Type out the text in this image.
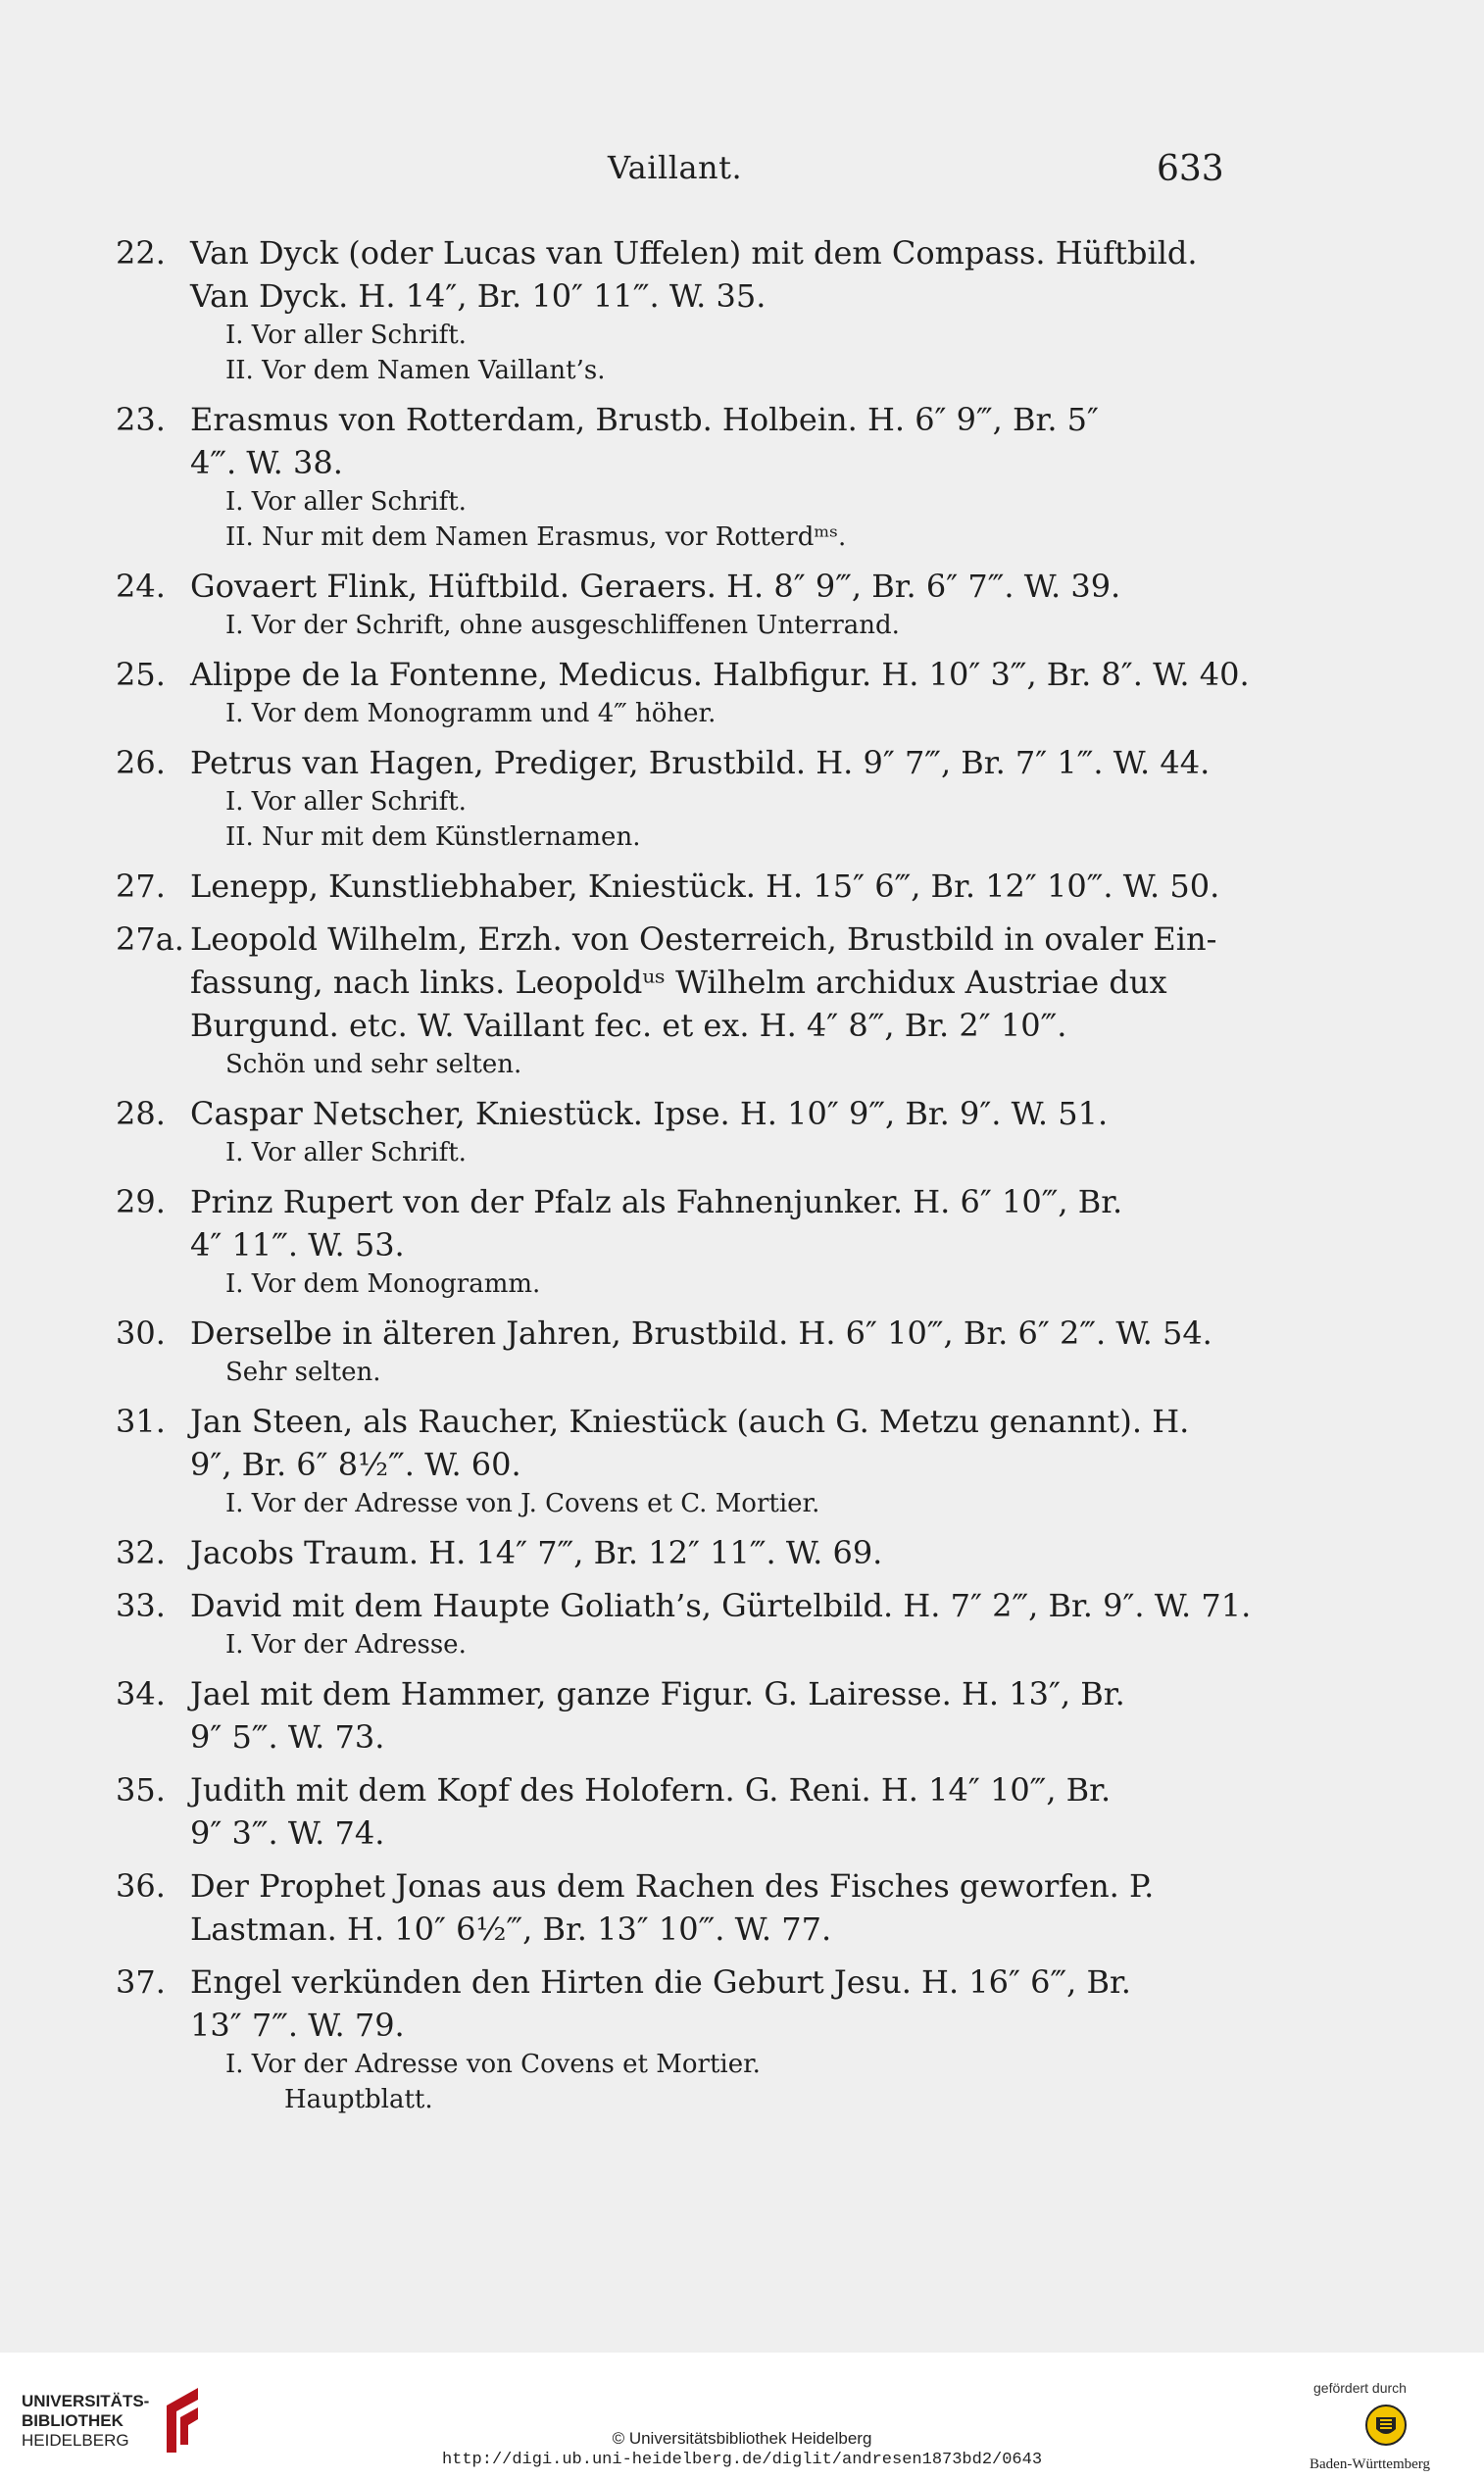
Vaillant.	633
22. Van Dyck (oder Lucas van Uffelen) mit dem Compass. Hüftbild.
Van Dyck. H. 14″, Br. 10″ 11‴. W. 35.
I. Vor aller Schrift.
II. Vor dem Namen Vaillant’s.
23. Erasmus von Rotterdam, Brustb. Holbein. H. 6″ 9‴, Br. 5″
4‴. W. 38.
I. Vor aller Schrift.
II. Nur mit dem Namen Erasmus, vor Rotterdᵐˢ.
24. Govaert Flink, Hüftbild. Geraers. H. 8″ 9‴, Br. 6″ 7‴. W. 39.
I. Vor der Schrift, ohne ausgeschliffenen Unterrand.
25. Alippe de la Fontenne, Medicus. Halbfigur. H. 10″ 3‴, Br. 8″. W. 40.
I. Vor dem Monogramm und 4‴ höher.
26. Petrus van Hagen, Prediger, Brustbild. H. 9″ 7‴, Br. 7″ 1‴. W. 44.
I. Vor aller Schrift.
II. Nur mit dem Künstlernamen.
27. Lenepp, Kunstliebhaber, Kniestück. H. 15″ 6‴, Br. 12″ 10‴. W. 50.
27a. Leopold Wilhelm, Erzh. von Oesterreich, Brustbild in ovaler Ein-
fassung, nach links. Leopoldᵘˢ Wilhelm archidux Austriae dux
Burgund. etc. W. Vaillant fec. et ex. H. 4″ 8‴, Br. 2″ 10‴.
Schön und sehr selten.
28. Caspar Netscher, Kniestück. Ipse. H. 10″ 9‴, Br. 9″. W. 51.
I. Vor aller Schrift.
29. Prinz Rupert von der Pfalz als Fahnenjunker. H. 6″ 10‴, Br.
4″ 11‴. W. 53.
I. Vor dem Monogramm.
30. Derselbe in älteren Jahren, Brustbild. H. 6″ 10‴, Br. 6″ 2‴. W. 54.
Sehr selten.
31. Jan Steen, als Raucher, Kniestück (auch G. Metzu genannt). H.
9″, Br. 6″ 8½‴. W. 60.
I. Vor der Adresse von J. Covens et C. Mortier.
32. Jacobs Traum. H. 14″ 7‴, Br. 12″ 11‴. W. 69.
33. David mit dem Haupte Goliath’s, Gürtelbild. H. 7″ 2‴, Br. 9″. W. 71.
I. Vor der Adresse.
34. Jael mit dem Hammer, ganze Figur. G. Lairesse. H. 13″, Br.
9″ 5‴. W. 73.
35. Judith mit dem Kopf des Holofern. G. Reni. H. 14″ 10‴, Br.
9″ 3‴. W. 74.
36. Der Prophet Jonas aus dem Rachen des Fisches geworfen. P.
Lastman. H. 10″ 6½‴, Br. 13″ 10‴. W. 77.
37. Engel verkünden den Hirten die Geburt Jesu. H. 16″ 6‴, Br.
13″ 7‴. W. 79.
I. Vor der Adresse von Covens et Mortier.
Hauptblatt.
UNIVERSITÄTS-
BIBLIOTHEK
HEIDELBERG	© Universitätsbibliothek Heidelberg
http://digi.ub.uni-heidelberg.de/diglit/andresen1873bd2/0643
gefördert durch
Baden-Württemberg
